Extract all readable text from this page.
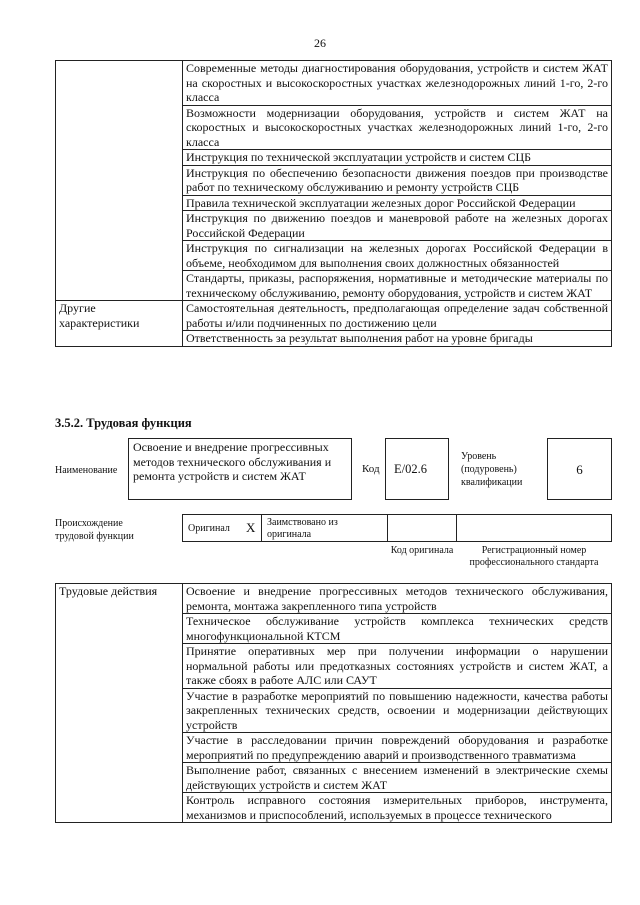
26
	Современные методы диагностирования оборудования, устройств и систем ЖАТ на скоростных и высокоскоростных участках железнодорожных линий 1-го, 2-го класса
	Возможности модернизации оборудования, устройств и систем ЖАТ на скоростных и высокоскоростных участках железнодорожных линий 1-го, 2-го класса
	Инструкция по технической эксплуатации устройств и систем СЦБ
	Инструкция по обеспечению безопасности движения поездов при производстве работ по техническому обслуживанию и ремонту устройств СЦБ
	Правила технической эксплуатации железных дорог Российской Федерации
	Инструкция по движению поездов и маневровой работе на железных дорогах Российской Федерации
	Инструкция по сигнализации на железных дорогах Российской Федерации в объеме, необходимом для выполнения своих должностных обязанностей
	Стандарты, приказы, распоряжения, нормативные и методические материалы по техническому обслуживанию, ремонту оборудования, устройств и систем ЖАТ
Другие характеристики	Самостоятельная деятельность, предполагающая определение задач собственной работы и/или подчиненных по достижению цели
	Ответственность за результат выполнения работ на уровне бригады
3.5.2. Трудовая функция
Наименование
Освоение и внедрение прогрессивных методов технического обслуживания и ремонта устройств и систем ЖАТ	Код	E/02.6
Уровень (подуровень) квалификации
6
Происхождение трудовой функции
Оригинал X	Заимствовано из оригинала
Код оригинала	Регистрационный номер профессионального стандарта
Трудовые действия	Освоение и внедрение прогрессивных методов технического обслуживания, ремонта, монтажа закрепленного типа устройств
Техническое обслуживание устройств комплекса технических средств многофункциональной КТСМ
Принятие оперативных мер при получении информации о нарушении нормальной работы или предотказных состояниях устройств и систем ЖАТ, а также сбоях в работе АЛС или САУТ
Участие в разработке мероприятий по повышению надежности, качества работы закрепленных технических средств, освоении и модернизации действующих устройств
Участие в расследовании причин повреждений оборудования и разработке мероприятий по предупреждению аварий и производственного травматизма
Выполнение работ, связанных с внесением изменений в электрические схемы действующих устройств и систем ЖАТ
Контроль исправного состояния измерительных приборов, инструмента, механизмов и приспособлений, используемых в процессе технического
